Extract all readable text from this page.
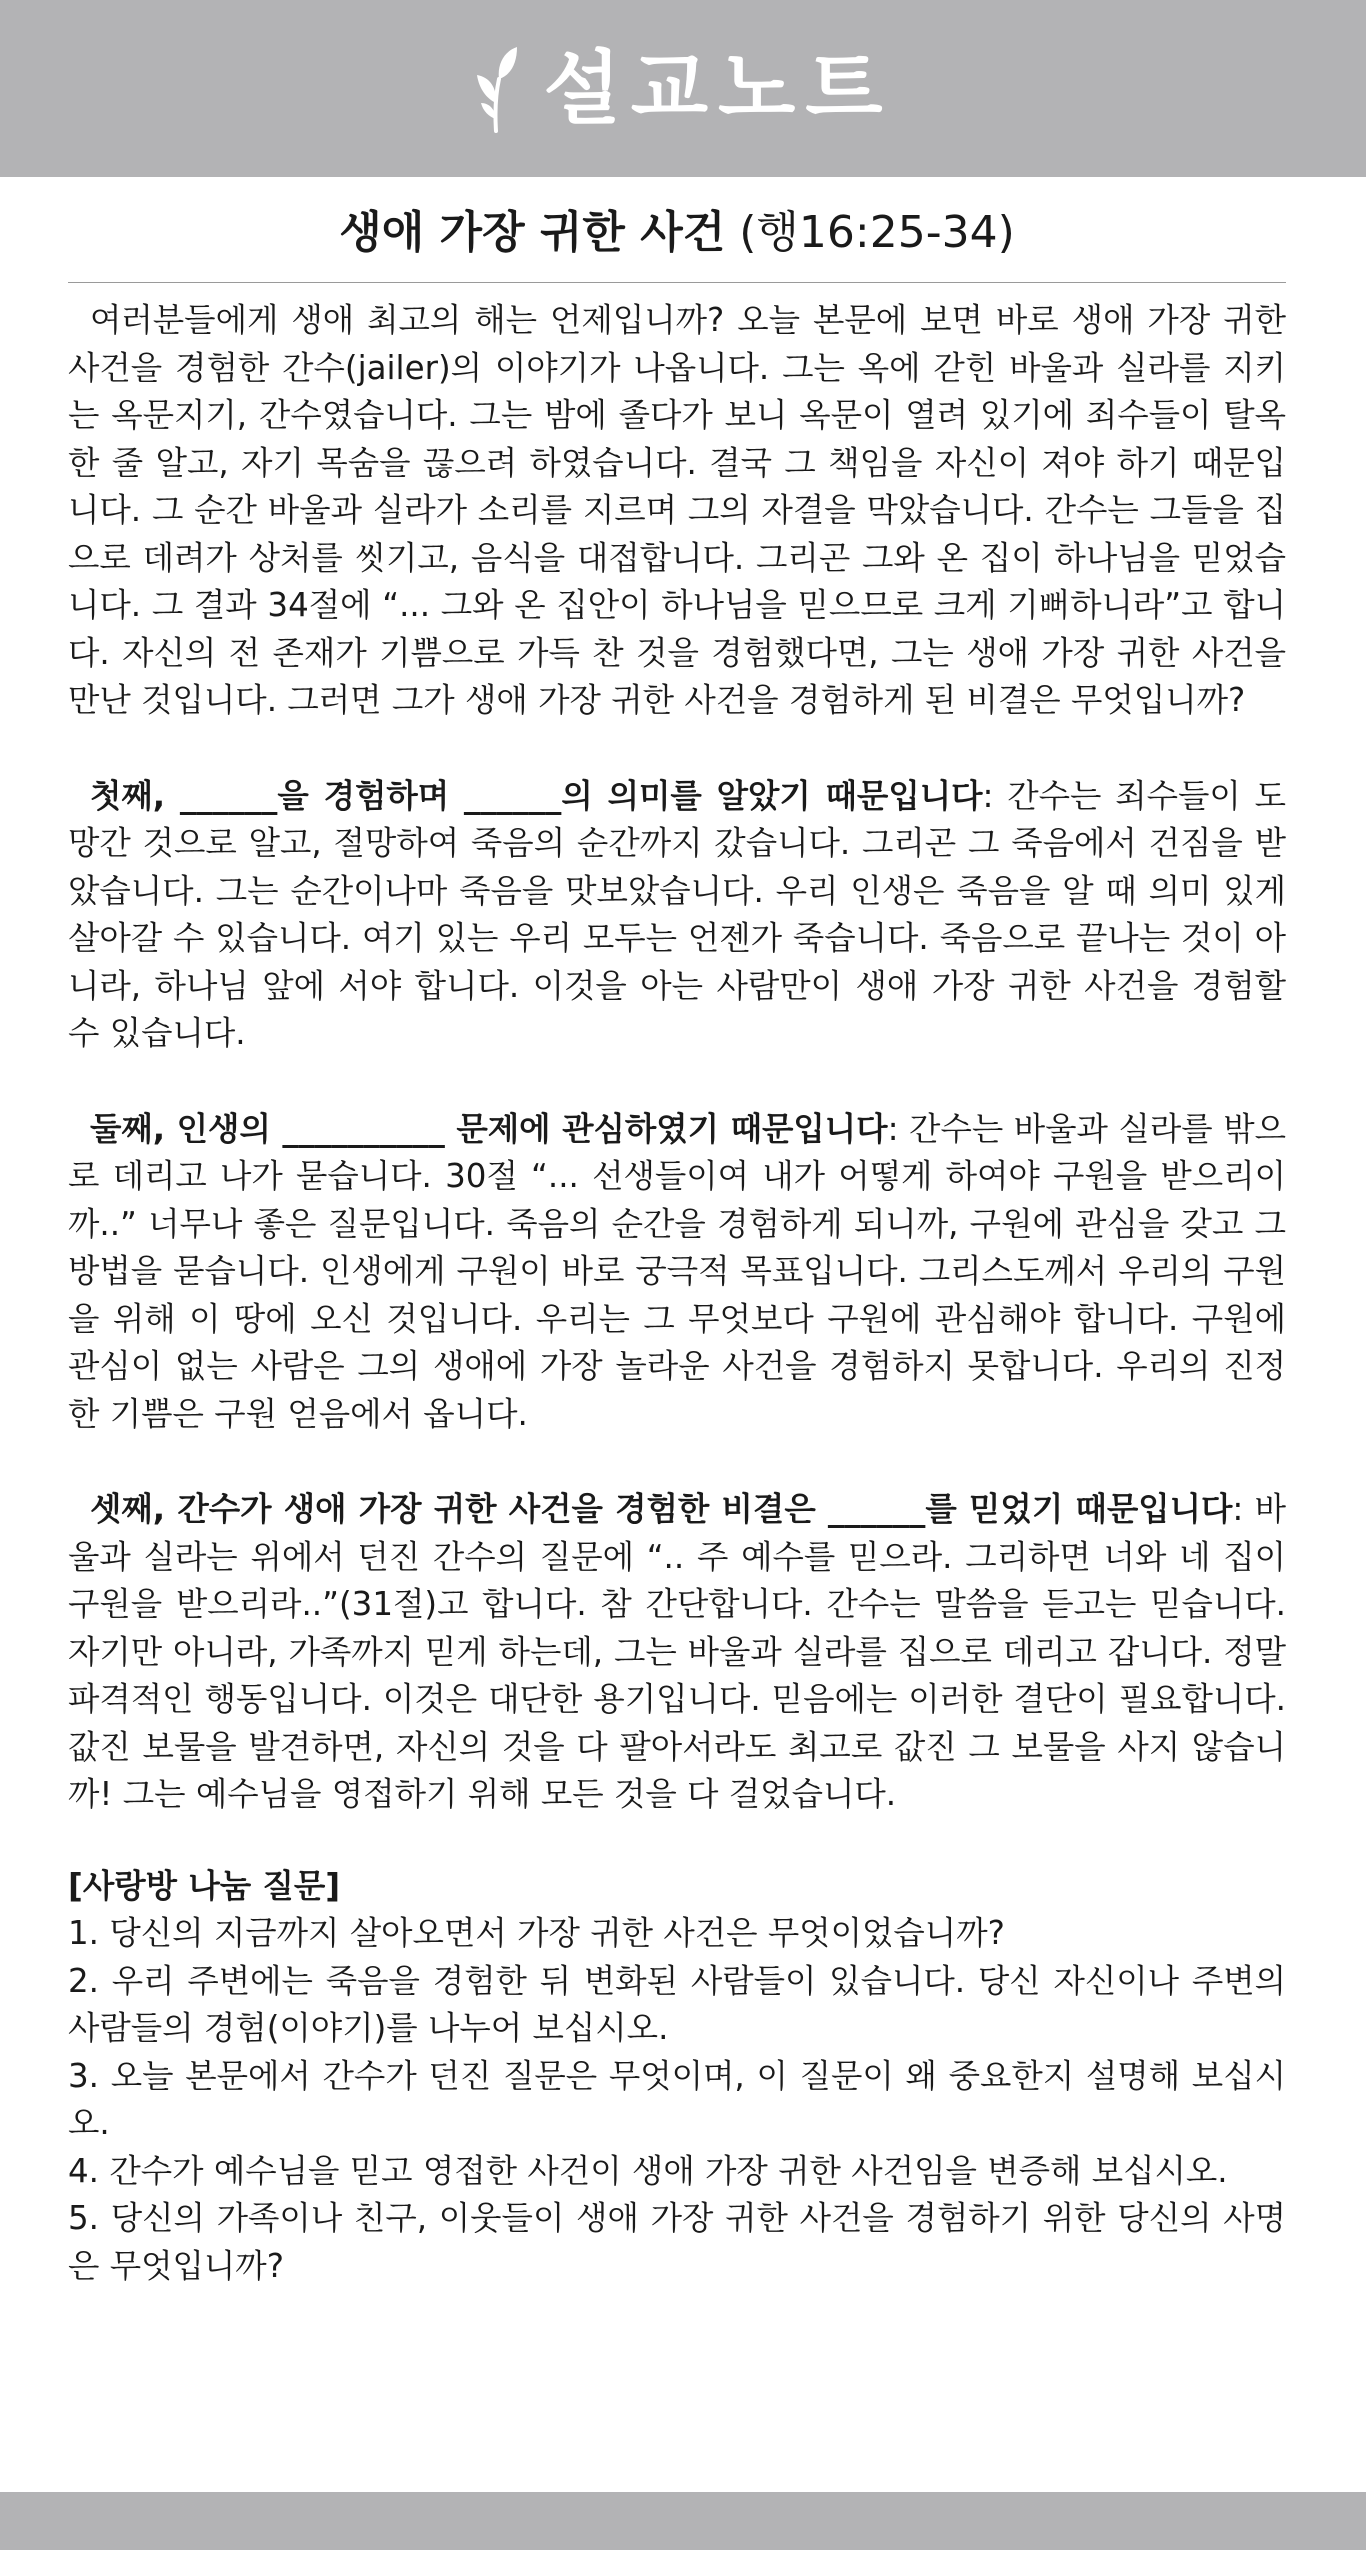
설교노트
생애 가장 귀한 사건 (행16:25-34)

여러분들에게 생애 최고의 해는 언제입니까? 오늘 본문에 보면 바로 생애 가장 귀한 사건을 경험한 간수(jailer)의 이야기가 나옵니다. 그는 옥에 갇힌 바울과 실라를 지키는 옥문지기, 간수였습니다. 그는 밤에 졸다가 보니 옥문이 열려 있기에 죄수들이 탈옥한 줄 알고, 자기 목숨을 끊으려 하였습니다. 결국 그 책임을 자신이 져야 하기 때문입니다. 그 순간 바울과 실라가 소리를 지르며 그의 자결을 막았습니다. 간수는 그들을 집으로 데려가 상처를 씻기고, 음식을 대접합니다. 그리곤 그와 온 집이 하나님을 믿었습니다. 그 결과 34절에 “... 그와 온 집안이 하나님을 믿으므로 크게 기뻐하니라”고 합니다. 자신의 전 존재가 기쁨으로 가득 찬 것을 경험했다면, 그는 생애 가장 귀한 사건을 만난 것입니다. 그러면 그가 생애 가장 귀한 사건을 경험하게 된 비결은 무엇입니까?

첫째, ______을 경험하며 ______의 의미를 알았기 때문입니다: 간수는 죄수들이 도망간 것으로 알고, 절망하여 죽음의 순간까지 갔습니다. 그리곤 그 죽음에서 건짐을 받았습니다. 그는 순간이나마 죽음을 맛보았습니다. 우리 인생은 죽음을 알 때 의미 있게 살아갈 수 있습니다. 여기 있는 우리 모두는 언젠가 죽습니다. 죽음으로 끝나는 것이 아니라, 하나님 앞에 서야 합니다. 이것을 아는 사람만이 생애 가장 귀한 사건을 경험할 수 있습니다.

둘째, 인생의 __________ 문제에 관심하였기 때문입니다: 간수는 바울과 실라를 밖으로 데리고 나가 묻습니다. 30절 “... 선생들이여 내가 어떻게 하여야 구원을 받으리이까..” 너무나 좋은 질문입니다. 죽음의 순간을 경험하게 되니까, 구원에 관심을 갖고 그 방법을 묻습니다. 인생에게 구원이 바로 궁극적 목표입니다. 그리스도께서 우리의 구원을 위해 이 땅에 오신 것입니다. 우리는 그 무엇보다 구원에 관심해야 합니다. 구원에 관심이 없는 사람은 그의 생애에 가장 놀라운 사건을 경험하지 못합니다. 우리의 진정한 기쁨은 구원 얻음에서 옵니다.

셋째, 간수가 생애 가장 귀한 사건을 경험한 비결은 ______를 믿었기 때문입니다: 바울과 실라는 위에서 던진 간수의 질문에 “.. 주 예수를 믿으라. 그리하면 너와 네 집이 구원을 받으리라..”(31절)고 합니다. 참 간단합니다. 간수는 말씀을 듣고는 믿습니다. 자기만 아니라, 가족까지 믿게 하는데, 그는 바울과 실라를 집으로 데리고 갑니다. 정말 파격적인 행동입니다. 이것은 대단한 용기입니다. 믿음에는 이러한 결단이 필요합니다. 값진 보물을 발견하면, 자신의 것을 다 팔아서라도 최고로 값진 그 보물을 사지 않습니까! 그는 예수님을 영접하기 위해 모든 것을 다 걸었습니다.

[사랑방 나눔 질문]

1. 당신의 지금까지 살아오면서 가장 귀한 사건은 무엇이었습니까?
2. 우리 주변에는 죽음을 경험한 뒤 변화된 사람들이 있습니다. 당신 자신이나 주변의 사람들의 경험(이야기)를 나누어 보십시오.
3. 오늘 본문에서 간수가 던진 질문은 무엇이며, 이 질문이 왜 중요한지 설명해 보십시오.
4. 간수가 예수님을 믿고 영접한 사건이 생애 가장 귀한 사건임을 변증해 보십시오.
5. 당신의 가족이나 친구, 이웃들이 생애 가장 귀한 사건을 경험하기 위한 당신의 사명은 무엇입니까?
